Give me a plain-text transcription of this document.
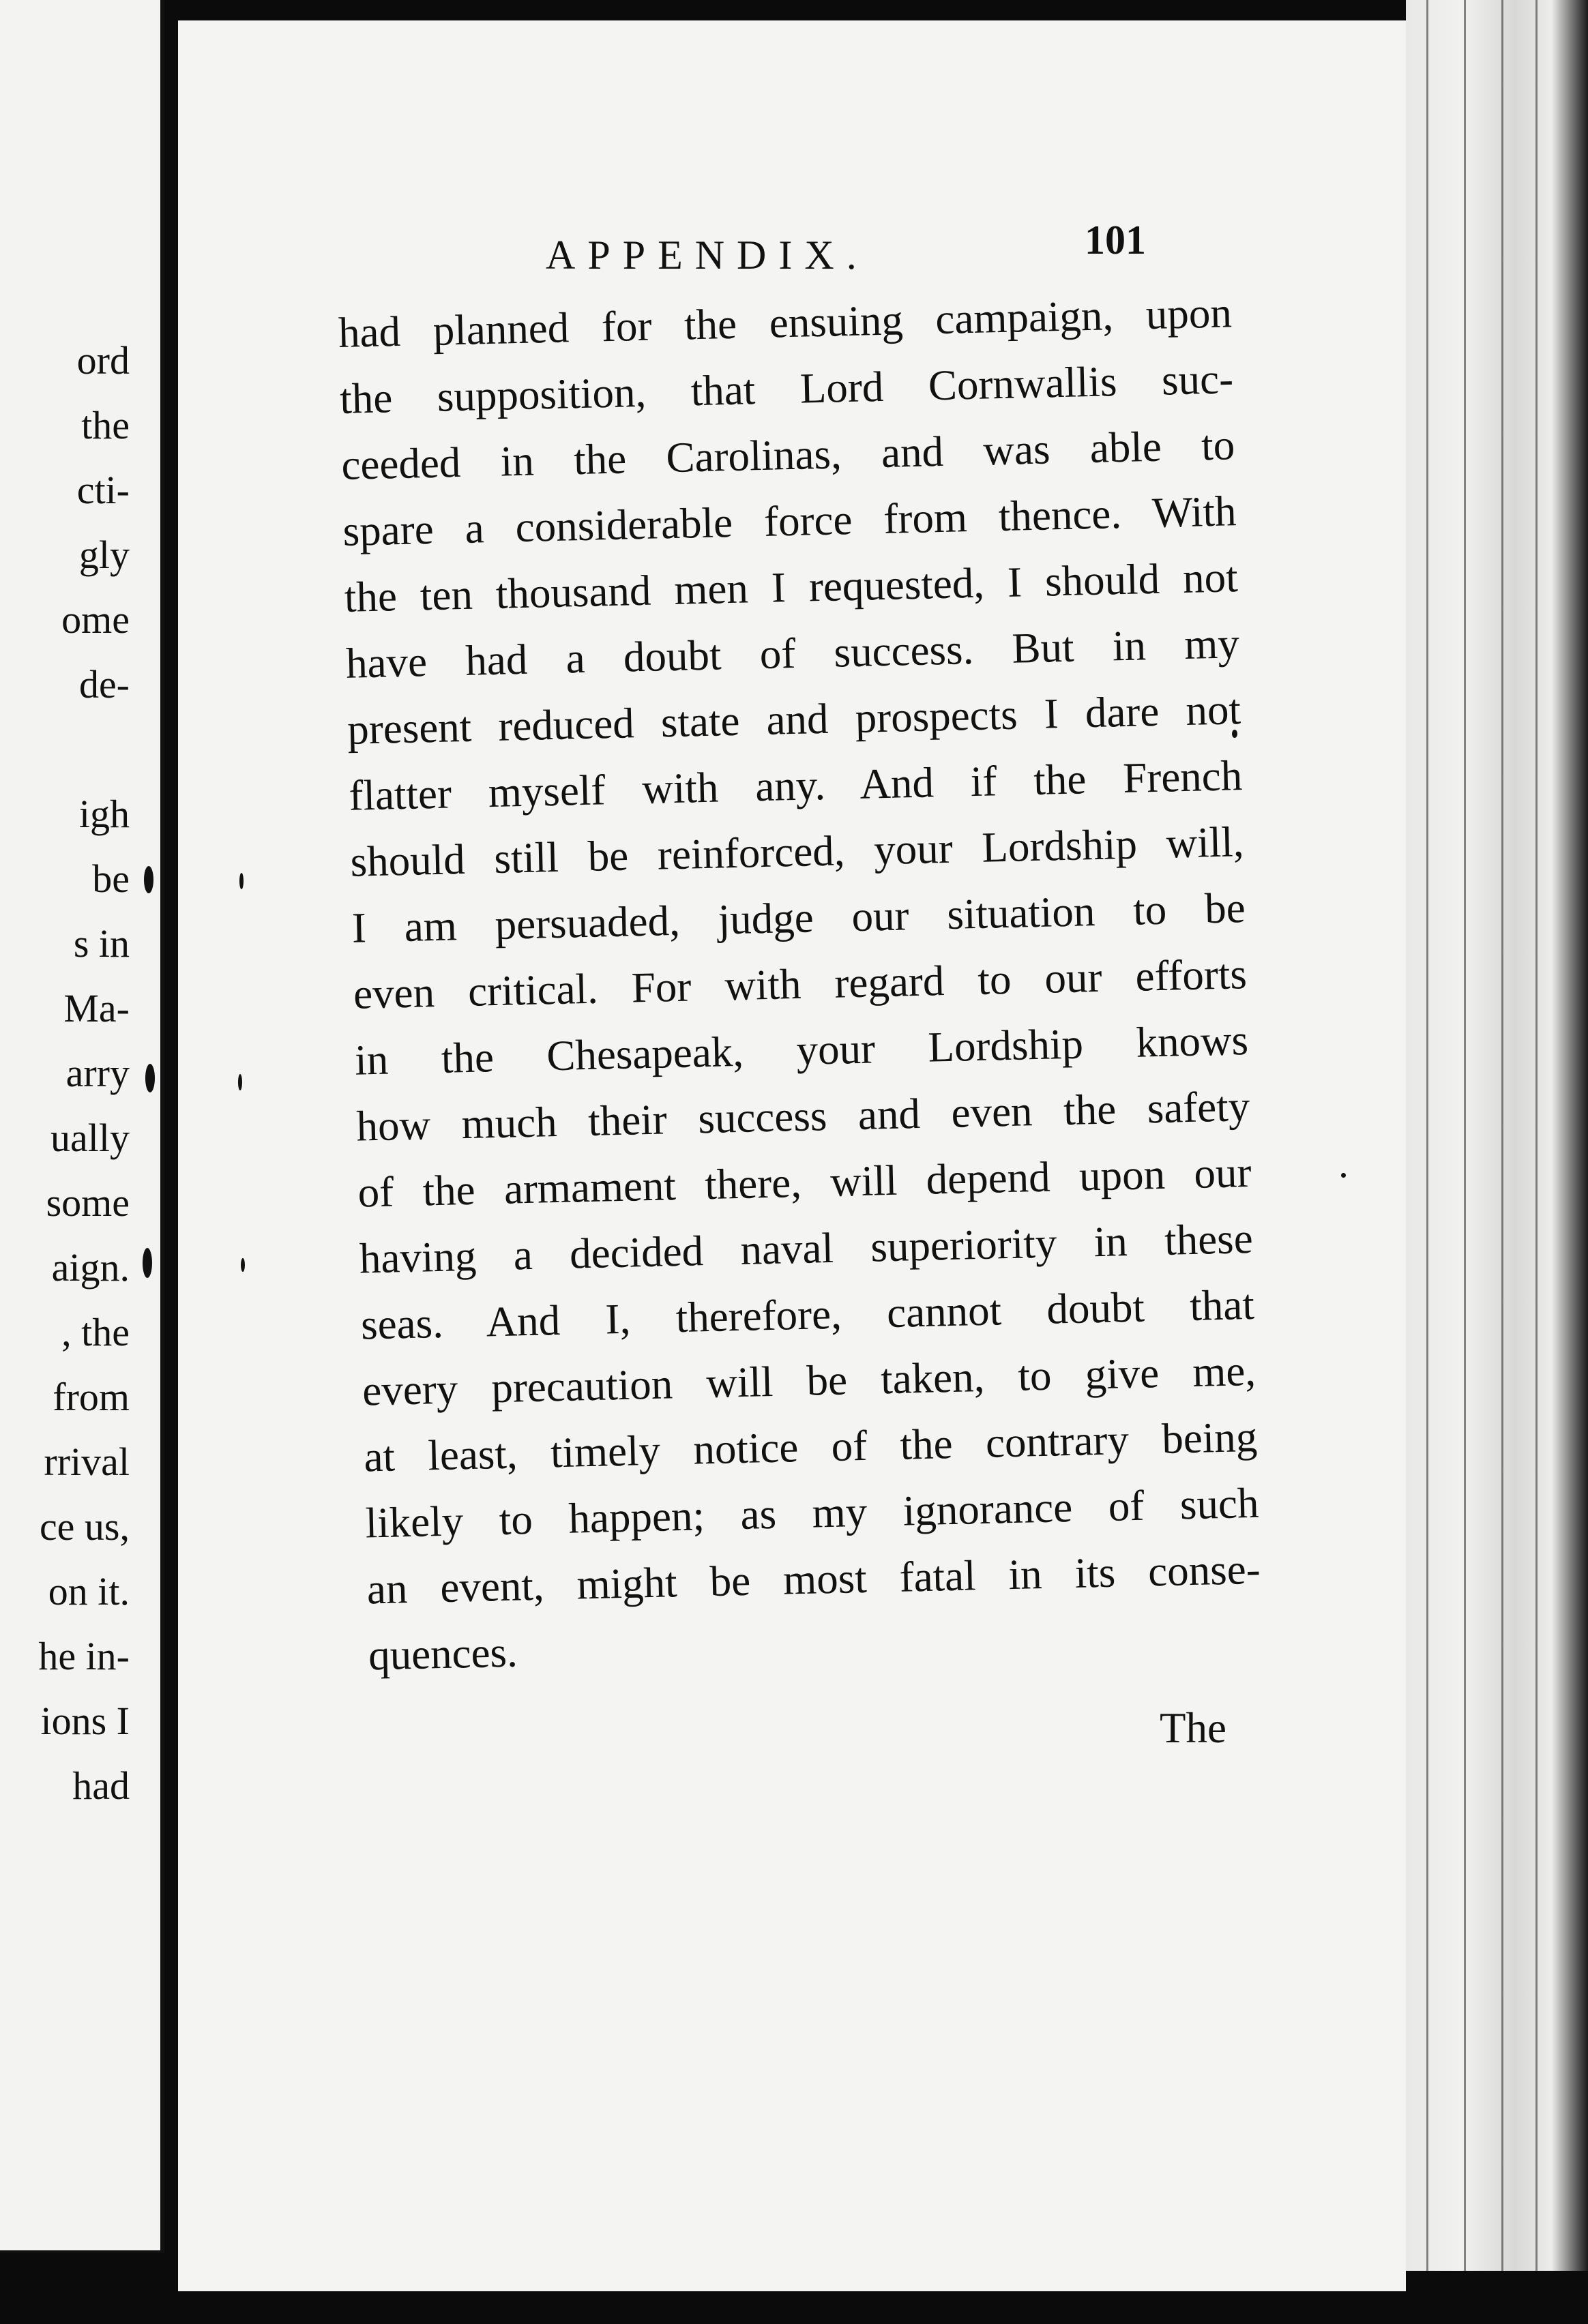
ord
the
cti-
gly
ome
de-
igh
be
s in
Ma-
arry
ually
some
aign.
, the
from
rrival
ce us,
on it.
he in-
ions I
had
APPENDIX.	101
had planned for the ensuing campaign, upon
the supposition, that Lord Cornwallis suc-
ceeded in the Carolinas, and was able to
spare a considerable force from thence. With
the ten thousand men I requested, I should not
have had a doubt of success. But in my
present reduced state and prospects I dare not
flatter myself with any. And if the French
should still be reinforced, your Lordship will,
I am persuaded, judge our situation to be
even critical. For with regard to our efforts
in the Chesapeak, your Lordship knows
how much their success and even the safety
of the armament there, will depend upon our
having a decided naval superiority in these
seas. And I, therefore, cannot doubt that
every precaution will be taken, to give me,
at least, timely notice of the contrary being
likely to happen; as my ignorance of such
an event, might be most fatal in its conse-
quences.
The
